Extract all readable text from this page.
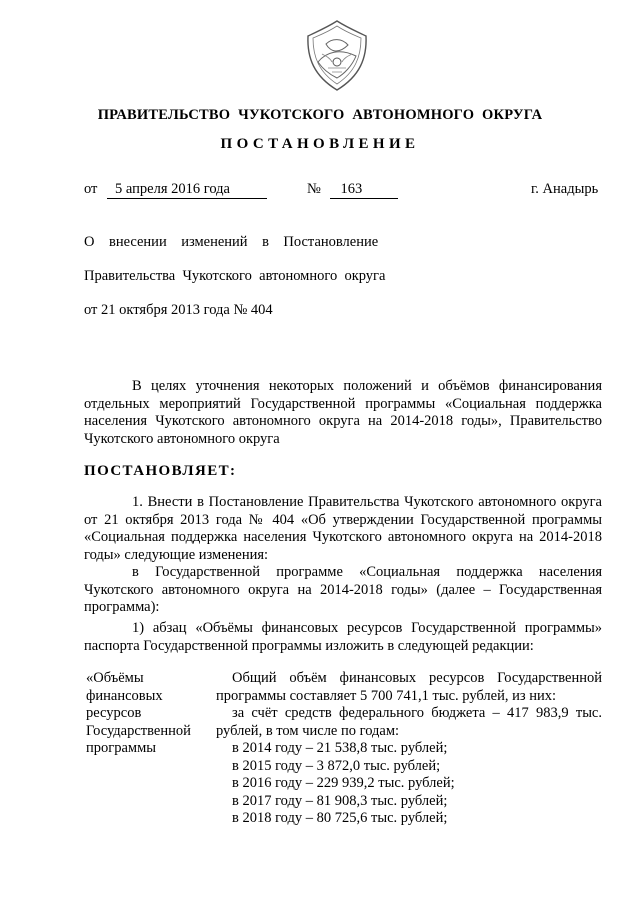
ПРАВИТЕЛЬСТВО ЧУКОТСКОГО АВТОНОМНОГО ОКРУГА
ПОСТАНОВЛЕНИЕ
от 5 апреля 2016 года	№ 163	г. Анадырь
О    внесении    изменений    в    Постановление
Правительства  Чукотского  автономного  округа
от 21 октября 2013 года № 404
В целях уточнения некоторых положений и объёмов финансирования отдельных мероприятий Государственной программы «Социальная поддержка населения Чукотского автономного округа на 2014-2018 годы», Правительство Чукотского автономного округа
ПОСТАНОВЛЯЕТ:
1. Внести в Постановление Правительства Чукотского автономного округа от 21 октября 2013 года № 404 «Об утверждении Государственной программы «Социальная поддержка населения Чукотского автономного округа на 2014-2018 годы» следующие изменения:
в Государственной программе «Социальная поддержка населения Чукотского автономного округа на 2014-2018 годы» (далее – Государственная программа):
1) абзац «Объёмы финансовых ресурсов Государственной программы» паспорта Государственной программы изложить в следующей редакции:
«Объёмы финансовых ресурсов Государственной программы
Общий объём финансовых ресурсов Государственной программы составляет 5 700 741,1 тыс. рублей, из них:
за счёт средств федерального бюджета – 417 983,9 тыс. рублей, в том числе по годам:
в 2014 году – 21 538,8 тыс. рублей;
в 2015 году – 3 872,0 тыс. рублей;
в 2016 году – 229 939,2 тыс. рублей;
в 2017 году – 81 908,3 тыс. рублей;
в 2018 году – 80 725,6 тыс. рублей;
